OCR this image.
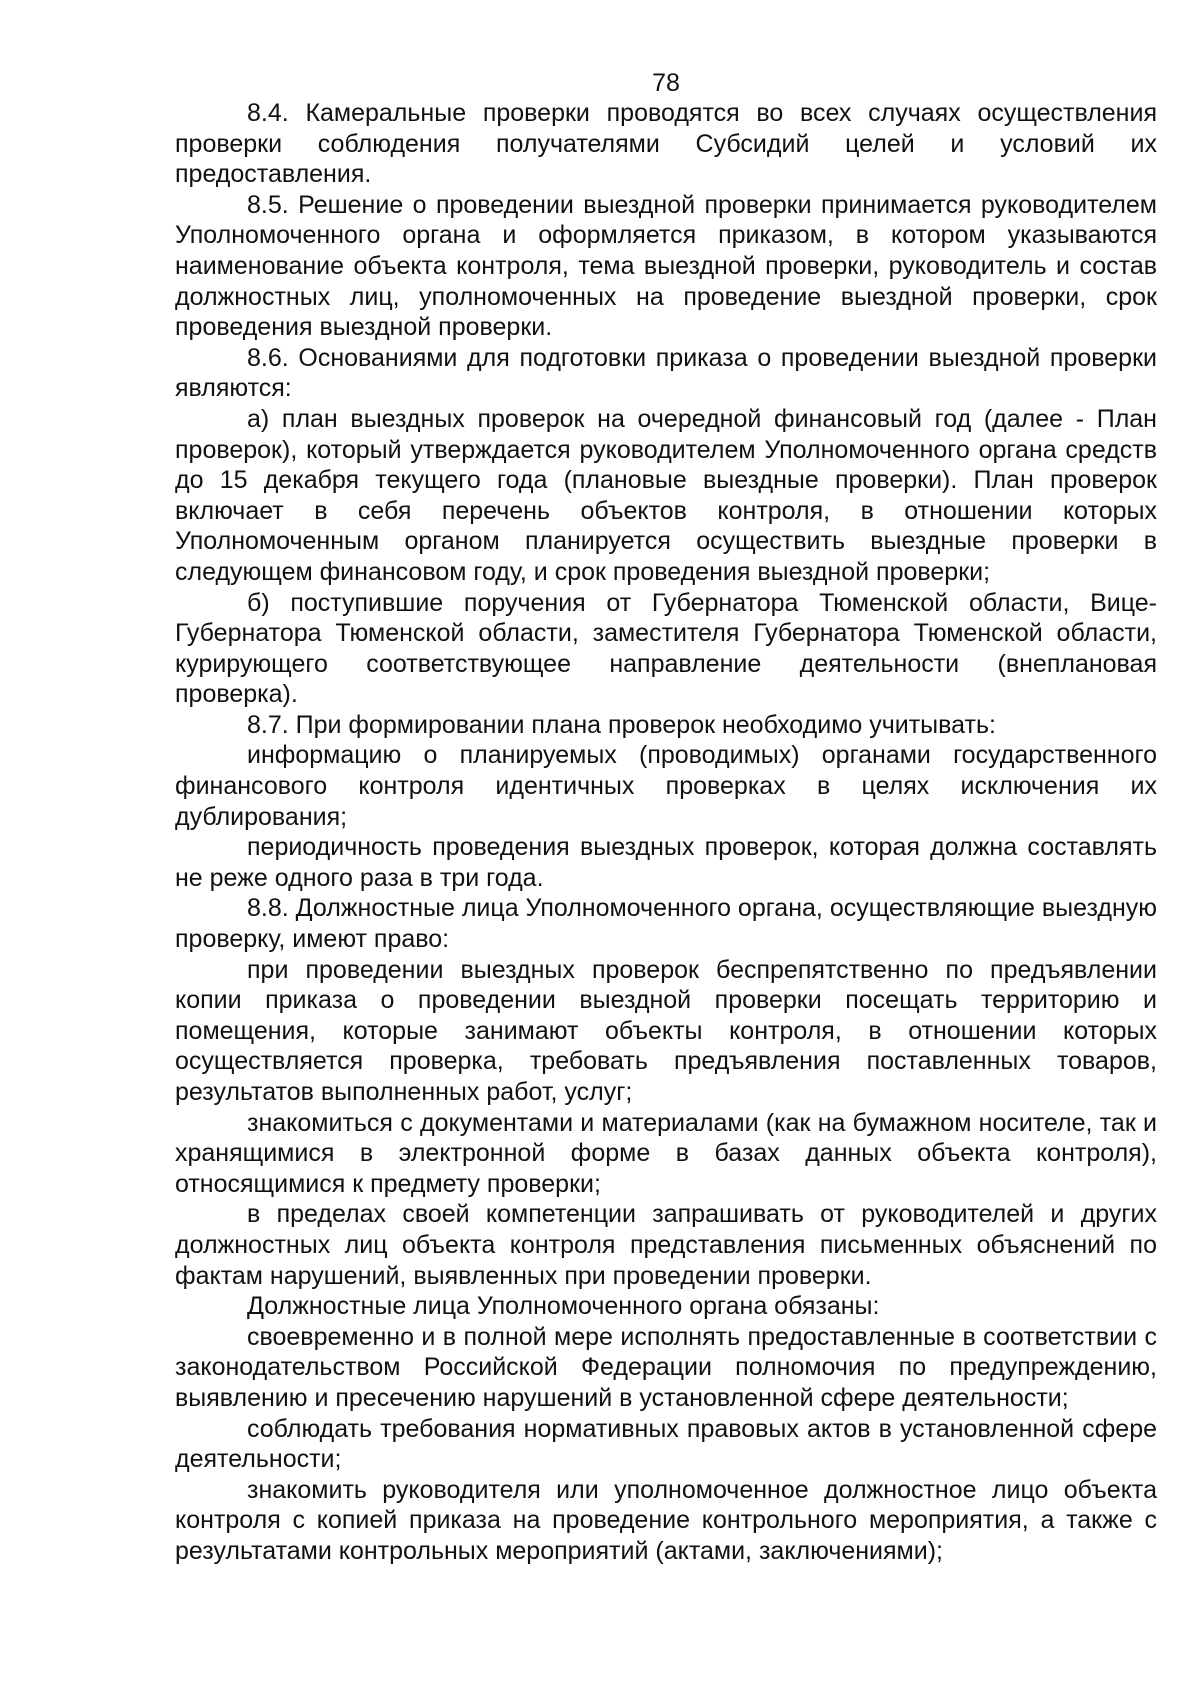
78

8.4. Камеральные проверки проводятся во всех случаях осуществления проверки соблюдения получателями Субсидий целей и условий их предоставления.

8.5. Решение о проведении выездной проверки принимается руководителем Уполномоченного органа и оформляется приказом, в котором указываются наименование объекта контроля, тема выездной проверки, руководитель и состав должностных лиц, уполномоченных на проведение выездной проверки, срок проведения выездной проверки.

8.6. Основаниями для подготовки приказа о проведении выездной проверки являются:

а) план выездных проверок на очередной финансовый год (далее - План проверок), который утверждается руководителем Уполномоченного органа средств до 15 декабря текущего года (плановые выездные проверки). План проверок включает в себя перечень объектов контроля, в отношении которых Уполномоченным органом планируется осуществить выездные проверки в следующем финансовом году, и срок проведения выездной проверки;

б) поступившие поручения от Губернатора Тюменской области, Вице-Губернатора Тюменской области, заместителя Губернатора Тюменской области, курирующего соответствующее направление деятельности (внеплановая проверка).

8.7. При формировании плана проверок необходимо учитывать:

информацию о планируемых (проводимых) органами государственного финансового контроля идентичных проверках в целях исключения их дублирования;

периодичность проведения выездных проверок, которая должна составлять не реже одного раза в три года.

8.8. Должностные лица Уполномоченного органа, осуществляющие выездную проверку, имеют право:

при проведении выездных проверок беспрепятственно по предъявлении копии приказа о проведении выездной проверки посещать территорию и помещения, которые занимают объекты контроля, в отношении которых осуществляется проверка, требовать предъявления поставленных товаров, результатов выполненных работ, услуг;

знакомиться с документами и материалами (как на бумажном носителе, так и хранящимися в электронной форме в базах данных объекта контроля), относящимися к предмету проверки;

в пределах своей компетенции запрашивать от руководителей и других должностных лиц объекта контроля представления письменных объяснений по фактам нарушений, выявленных при проведении проверки.

Должностные лица Уполномоченного органа обязаны:

своевременно и в полной мере исполнять предоставленные в соответствии с законодательством Российской Федерации полномочия по предупреждению, выявлению и пресечению нарушений в установленной сфере деятельности;

соблюдать требования нормативных правовых актов в установленной сфере деятельности;

знакомить руководителя или уполномоченное должностное лицо объекта контроля с копией приказа на проведение контрольного мероприятия, а также с результатами контрольных мероприятий (актами, заключениями);
